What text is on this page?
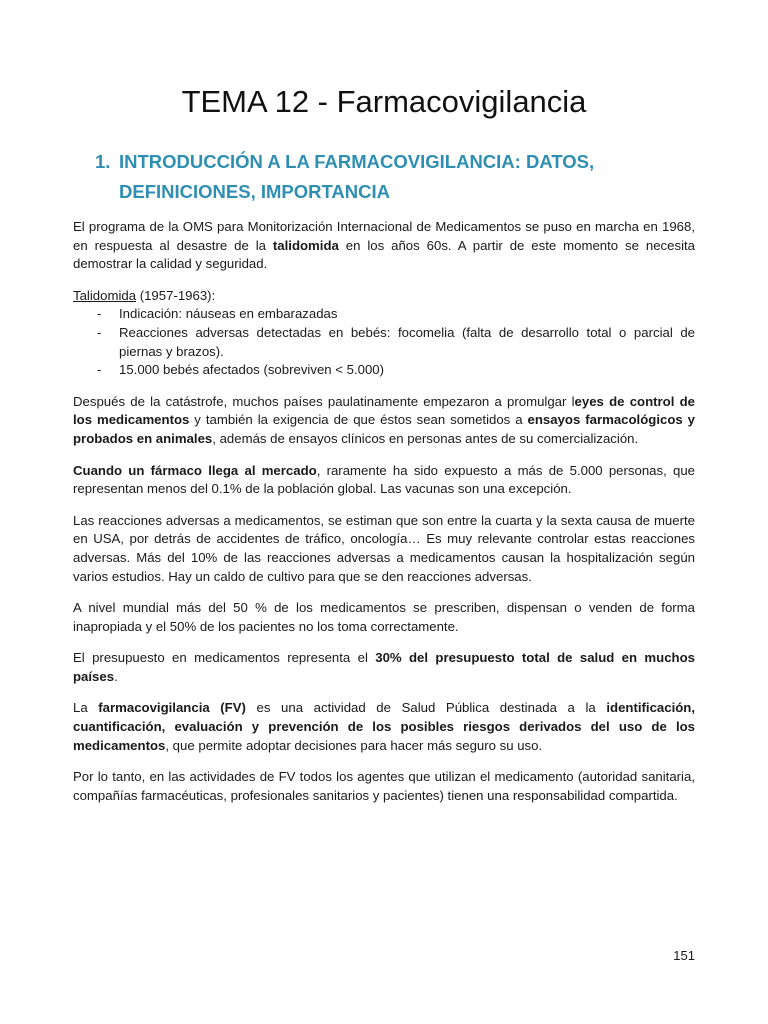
TEMA 12 - Farmacovigilancia
1. INTRODUCCIÓN A LA FARMACOVIGILANCIA: DATOS, DEFINICIONES, IMPORTANCIA

El programa de la OMS para Monitorización Internacional de Medicamentos se puso en marcha en 1968, en respuesta al desastre de la talidomida en los años 60s. A partir de este momento se necesita demostrar la calidad y seguridad.

Talidomida (1957-1963):

- Indicación: náuseas en embarazadas
- Reacciones adversas detectadas en bebés: focomelia (falta de desarrollo total o parcial de piernas y brazos).
- 15.000 bebés afectados (sobreviven < 5.000)

Después de la catástrofe, muchos países paulatinamente empezaron a promulgar leyes de control de los medicamentos y también la exigencia de que éstos sean sometidos a ensayos farmacológicos y probados en animales, además de ensayos clínicos en personas antes de su comercialización.

Cuando un fármaco llega al mercado, raramente ha sido expuesto a más de 5.000 personas, que representan menos del 0.1% de la población global. Las vacunas son una excepción.

Las reacciones adversas a medicamentos, se estiman que son entre la cuarta y la sexta causa de muerte en USA, por detrás de accidentes de tráfico, oncología… Es muy relevante controlar estas reacciones adversas. Más del 10% de las reacciones adversas a medicamentos causan la hospitalización según varios estudios. Hay un caldo de cultivo para que se den reacciones adversas.

A nivel mundial más del 50 % de los medicamentos se prescriben, dispensan o venden de forma inapropiada y el 50% de los pacientes no los toma correctamente.

El presupuesto en medicamentos representa el 30% del presupuesto total de salud en muchos países.

La farmacovigilancia (FV) es una actividad de Salud Pública destinada a la identificación, cuantificación, evaluación y prevención de los posibles riesgos derivados del uso de los medicamentos, que permite adoptar decisiones para hacer más seguro su uso.

Por lo tanto, en las actividades de FV todos los agentes que utilizan el medicamento (autoridad sanitaria, compañías farmacéuticas, profesionales sanitarios y pacientes) tienen una responsabilidad compartida.

151
